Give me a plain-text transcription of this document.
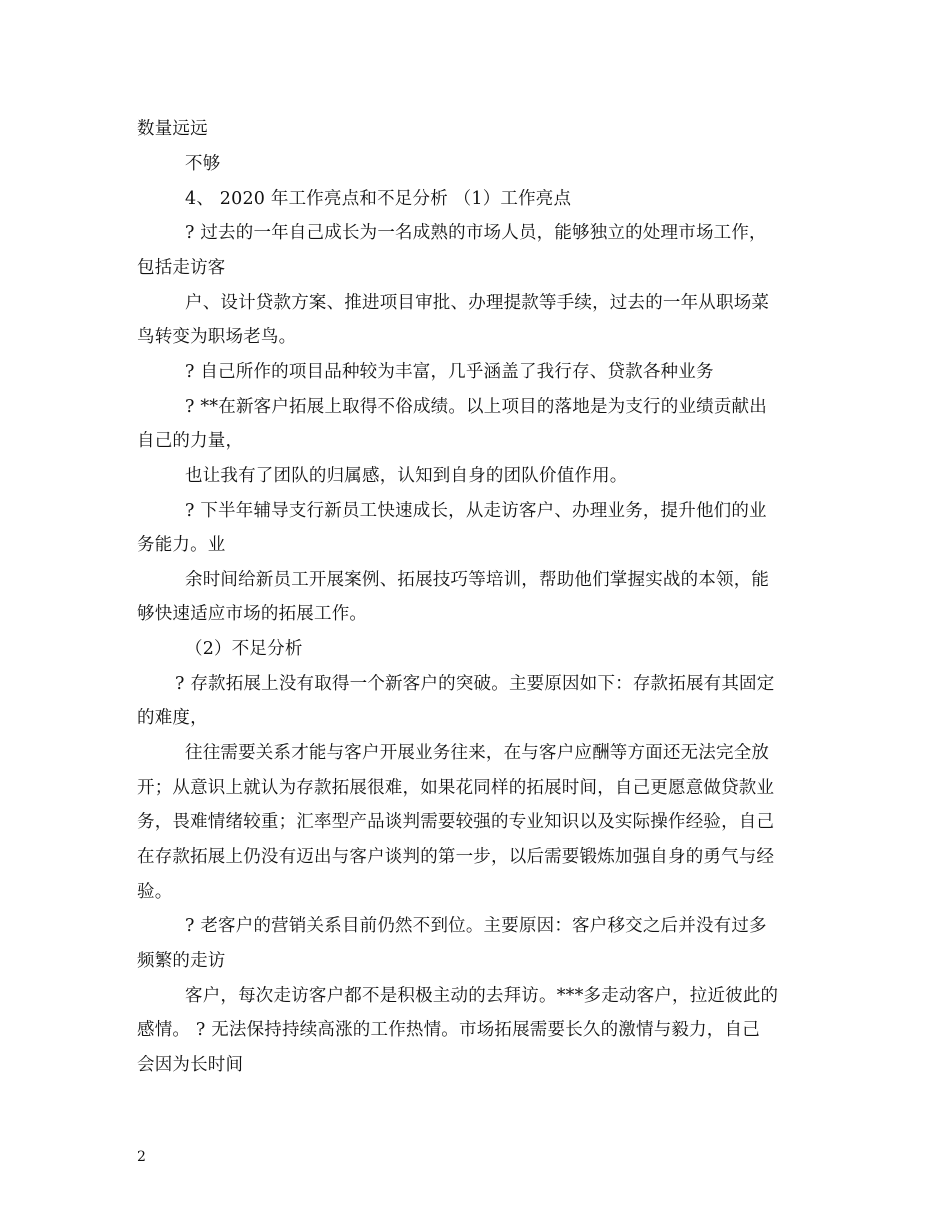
数量远远
不够
4、 2020 年工作亮点和不足分析 （1）工作亮点
? 过去的一年自己成长为一名成熟的市场人员，能够独立的处理市场工作，
包括走访客
户、设计贷款方案、推进项目审批、办理提款等手续，过去的一年从职场菜
鸟转变为职场老鸟。
? 自己所作的项目品种较为丰富，几乎涵盖了我行存、贷款各种业务
? **在新客户拓展上取得不俗成绩。以上项目的落地是为支行的业绩贡献出
自己的力量，
也让我有了团队的归属感，认知到自身的团队价值作用。
? 下半年辅导支行新员工快速成长，从走访客户、办理业务，提升他们的业
务能力。业
余时间给新员工开展案例、拓展技巧等培训，帮助他们掌握实战的本领，能
够快速适应市场的拓展工作。
（2）不足分析
? 存款拓展上没有取得一个新客户的突破。主要原因如下：存款拓展有其固定
的难度，
往往需要关系才能与客户开展业务往来，在与客户应酬等方面还无法完全放
开；从意识上就认为存款拓展很难，如果花同样的拓展时间，自己更愿意做贷款业
务，畏难情绪较重；汇率型产品谈判需要较强的专业知识以及实际操作经验，自己
在存款拓展上仍没有迈出与客户谈判的第一步，以后需要锻炼加强自身的勇气与经
验。
? 老客户的营销关系目前仍然不到位。主要原因：客户移交之后并没有过多
频繁的走访
客户，每次走访客户都不是积极主动的去拜访。***多走动客户，拉近彼此的
感情。 ? 无法保持持续高涨的工作热情。市场拓展需要长久的激情与毅力，自己
会因为长时间
2
